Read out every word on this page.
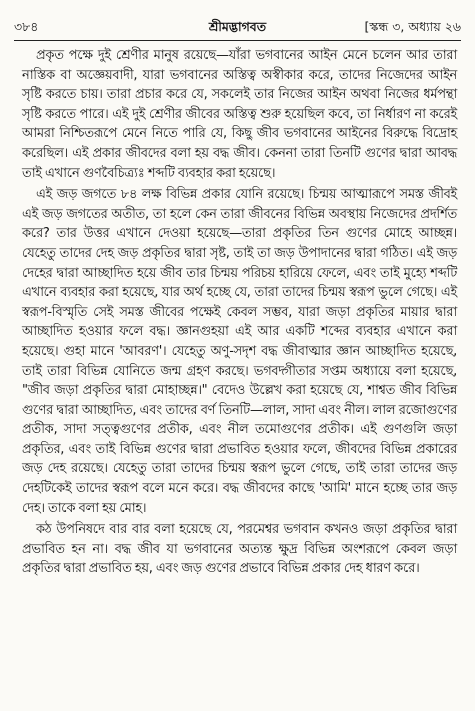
৩৮৪	শ্রীমদ্ভাগবত	[স্কন্ধ ৩, অধ্যায় ২৬

প্রকৃত পক্ষে দুই শ্রেণীর মানুষ রয়েছে—যাঁরা ভগবানের আইন মেনে চলেন আর তারা নাস্তিক বা অজ্ঞেয়বাদী, যারা ভগবানের অস্তিত্ব অস্বীকার করে, তাদের নিজেদের আইন সৃষ্টি করতে চায়। তারা প্রচার করে যে, সকলেই তার নিজের আইন অথবা নিজের ধর্মপন্থা সৃষ্টি করতে পারে। এই দুই শ্রেণীর জীবের অস্তিত্ব শুরু হয়েছিল কবে, তা নির্ধারণ না করেই আমরা নিশ্চিতরূপে মেনে নিতে পারি যে, কিছু জীব ভগবানের আইনের বিরুদ্ধে বিদ্রোহ করেছিল। এই প্রকার জীবদের বলা হয় বদ্ধ জীব। কেননা তারা তিনটি গুণের দ্বারা আবদ্ধ তাই এখানে গুণবৈচিত্র্যঃ শব্দটি ব্যবহার করা হয়েছে।

এই জড় জগতে ৮৪ লক্ষ বিভিন্ন প্রকার যোনি রয়েছে। চিন্ময় আত্মারূপে সমস্ত জীবই এই জড় জগতের অতীত, তা হলে কেন তারা জীবনের বিভিন্ন অবস্থায় নিজেদের প্রদর্শিত করে? তার উত্তর এখানে দেওয়া হয়েছে—তারা প্রকৃতির তিন গুণের মোহে আচ্ছন্ন। যেহেতু তাদের দেহ জড় প্রকৃতির দ্বারা সৃষ্ট, তাই তা জড় উপাদানের দ্বারা গঠিত। এই জড় দেহের দ্বারা আচ্ছাদিত হয়ে জীব তার চিন্ময় পরিচয় হারিয়ে ফেলে, এবং তাই মুহ্যে শব্দটি এখানে ব্যবহার করা হয়েছে, যার অর্থ হচ্ছে যে, তারা তাদের চিন্ময় স্বরূপ ভুলে গেছে। এই স্বরূপ-বিস্মৃতি সেই সমস্ত জীবের পক্ষেই কেবল সম্ভব, যারা জড়া প্রকৃতির মায়ার দ্বারা আচ্ছাদিত হওয়ার ফলে বদ্ধ। জ্ঞানগুহয়া এই আর একটি শব্দের ব্যবহার এখানে করা হয়েছে। গুহা মানে 'আবরণ'। যেহেতু অণু-সদৃশ বদ্ধ জীবাত্মার জ্ঞান আচ্ছাদিত হয়েছে, তাই তারা বিভিন্ন যোনিতে জন্ম গ্রহণ করছে। ভগবদ্গীতার সপ্তম অধ্যায়ে বলা হয়েছে, "জীব জড়া প্রকৃতির দ্বারা মোহাচ্ছন্ন।" বেদেও উল্লেখ করা হয়েছে যে, শাশ্বত জীব বিভিন্ন গুণের দ্বারা আচ্ছাদিত, এবং তাদের বর্ণ তিনটি—লাল, সাদা এবং নীল। লাল রজোগুণের প্রতীক, সাদা সত্ত্বগুণের প্রতীক, এবং নীল তমোগুণের প্রতীক। এই গুণগুলি জড়া প্রকৃতির, এবং তাই বিভিন্ন গুণের দ্বারা প্রভাবিত হওয়ার ফলে, জীবদের বিভিন্ন প্রকারের জড় দেহ রয়েছে। যেহেতু তারা তাদের চিন্ময় স্বরূপ ভুলে গেছে, তাই তারা তাদের জড় দেহটিকেই তাদের স্বরূপ বলে মনে করে। বদ্ধ জীবদের কাছে 'আমি' মানে হচ্ছে তার জড় দেহ। তাকে বলা হয় মোহ।

কঠ উপনিষদে বার বার বলা হয়েছে যে, পরমেশ্বর ভগবান কখনও জড়া প্রকৃতির দ্বারা প্রভাবিত হন না। বদ্ধ জীব যা ভগবানের অত্যন্ত ক্ষুদ্র বিভিন্ন অংশরূপে কেবল জড়া প্রকৃতির দ্বারা প্রভাবিত হয়, এবং জড় গুণের প্রভাবে বিভিন্ন প্রকার দেহ ধারণ করে।
